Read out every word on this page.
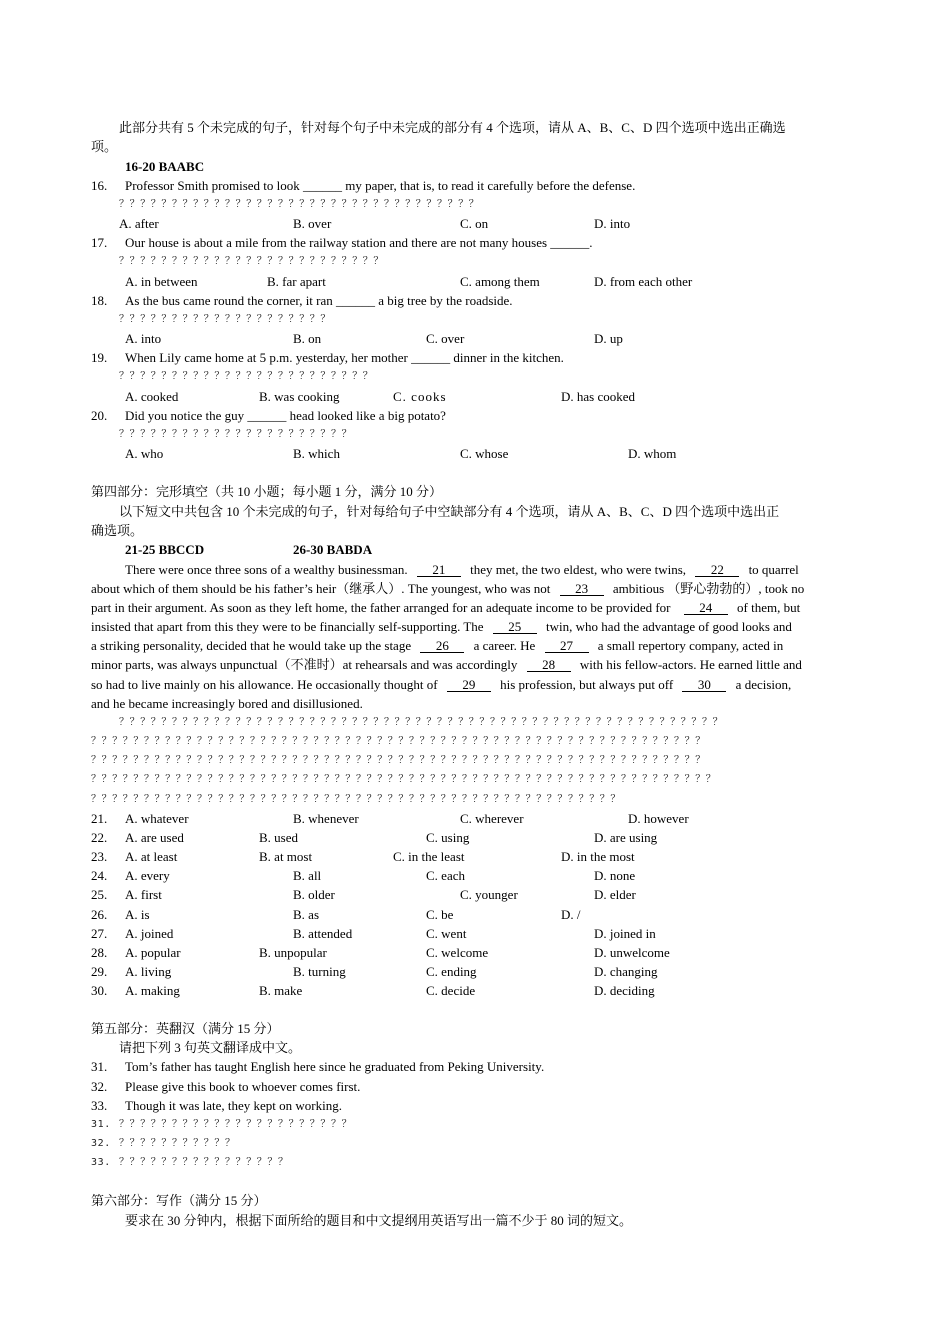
此部分共有 5 个未完成的句子，针对每个句子中未完成的部分有 4 个选项，请从 A、B、C、D 四个选项中选出正确选
项。
16-20 BAABC
16. Professor Smith promised to look ______ my paper, that is, to read it carefully before the defense.
？？？？？？？？？？？？？？？？？？？？？？？？？？？？？？？？？？
A. after	B. over	C. on	D. into
17. Our house is about a mile from the railway station and there are not many houses ______.
？？？？？？？？？？？？？？？？？？？？？？？？？
A. in between	B. far apart	C. among them	D. from each other
18. As the bus came round the corner, it ran ______ a big tree by the roadside.
？？？？？？？？？？？？？？？？？？？？
A. into	B. on	C. over	D. up
19. When Lily came home at 5 p.m. yesterday, her mother ______ dinner in the kitchen.
？？？？？？？？？？？？？？？？？？？？？？？？
A. cooked	B. was cooking	C. cooks	D. has cooked
20. Did you notice the guy ______ head looked like a big potato?
？？？？？？？？？？？？？？？？？？？？？？
A. who	B. which	C. whose	D. whom
第四部分：完形填空（共 10 小题；每小题 1 分，满分 10 分）
以下短文中共包含 10 个未完成的句子，针对每给句子中空缺部分有 4 个选项，请从 A、B、C、D 四个选项中选出正
确选项。
21-25 BBCCD	26-30 BABDA
There were once three sons of a wealthy businessman. 21 they met, the two eldest, who were twins, 22 to quarrel
about which of them should be his father’s heir（继承人）. The youngest, who was not 23 ambitious （野心勃勃的）, took no
part in their argument. As soon as they left home, the father arranged for an adequate income to be provided for 24 of them, but
insisted that apart from this they were to be financially self-supporting. The 25 twin, who had the advantage of good looks and
a striking personality, decided that he would take up the stage 26 a career. He 27 a small repertory company, acted in
minor parts, was always unpunctual（不准时）at rehearsals and was accordingly 28 with his fellow-actors. He earned little and
so had to live mainly on his allowance. He occasionally thought of 29 his profession, but always put off 30 a decision,
and he became increasingly bored and disillusioned.
？？？？？？？？？？？？？？？？？？？？？？？？？？？？？？？？？？？？？？？？？？？？？？？？？？？？？？？？？
？？？？？？？？？？？？？？？？？？？？？？？？？？？？？？？？？？？？？？？？？？？？？？？？？？？？？？？？？？
？？？？？？？？？？？？？？？？？？？？？？？？？？？？？？？？？？？？？？？？？？？？？？？？？？？？？？？？？？
？？？？？？？？？？？？？？？？？？？？？？？？？？？？？？？？？？？？？？？？？？？？？？？？？？？？？？？？？？？
？？？？？？？？？？？？？？？？？？？？？？？？？？？？？？？？？？？？？？？？？？？？？？？？？？
21. A. whatever	B. whenever	C. wherever	D. however
22. A. are used	B. used	C. using	D. are using
23. A. at least	B. at most	C. in the least	D. in the most
24. A. every	B. all	C. each	D. none
25. A. first	B. older	C. younger	D. elder
26. A. is	B. as	C. be	D. /
27. A. joined	B. attended	C. went	D. joined in
28. A. popular	B. unpopular	C. welcome	D. unwelcome
29. A. living	B. turning	C. ending	D. changing
30. A. making	B. make	C. decide	D. deciding
第五部分：英翻汉（满分 15 分）
请把下列 3 句英文翻译成中文。
31. Tom’s father has taught English here since he graduated from Peking University.
32. Please give this book to whoever comes first.
33. Though it was late, they kept on working.
31. ？？？？？？？？？？？？？？？？？？？？？？
32. ？？？？？？？？？？？
33. ？？？？？？？？？？？？？？？？
第六部分：写作（满分 15 分）
要求在 30 分钟内，根据下面所给的题目和中文提纲用英语写出一篇不少于 80 词的短文。
